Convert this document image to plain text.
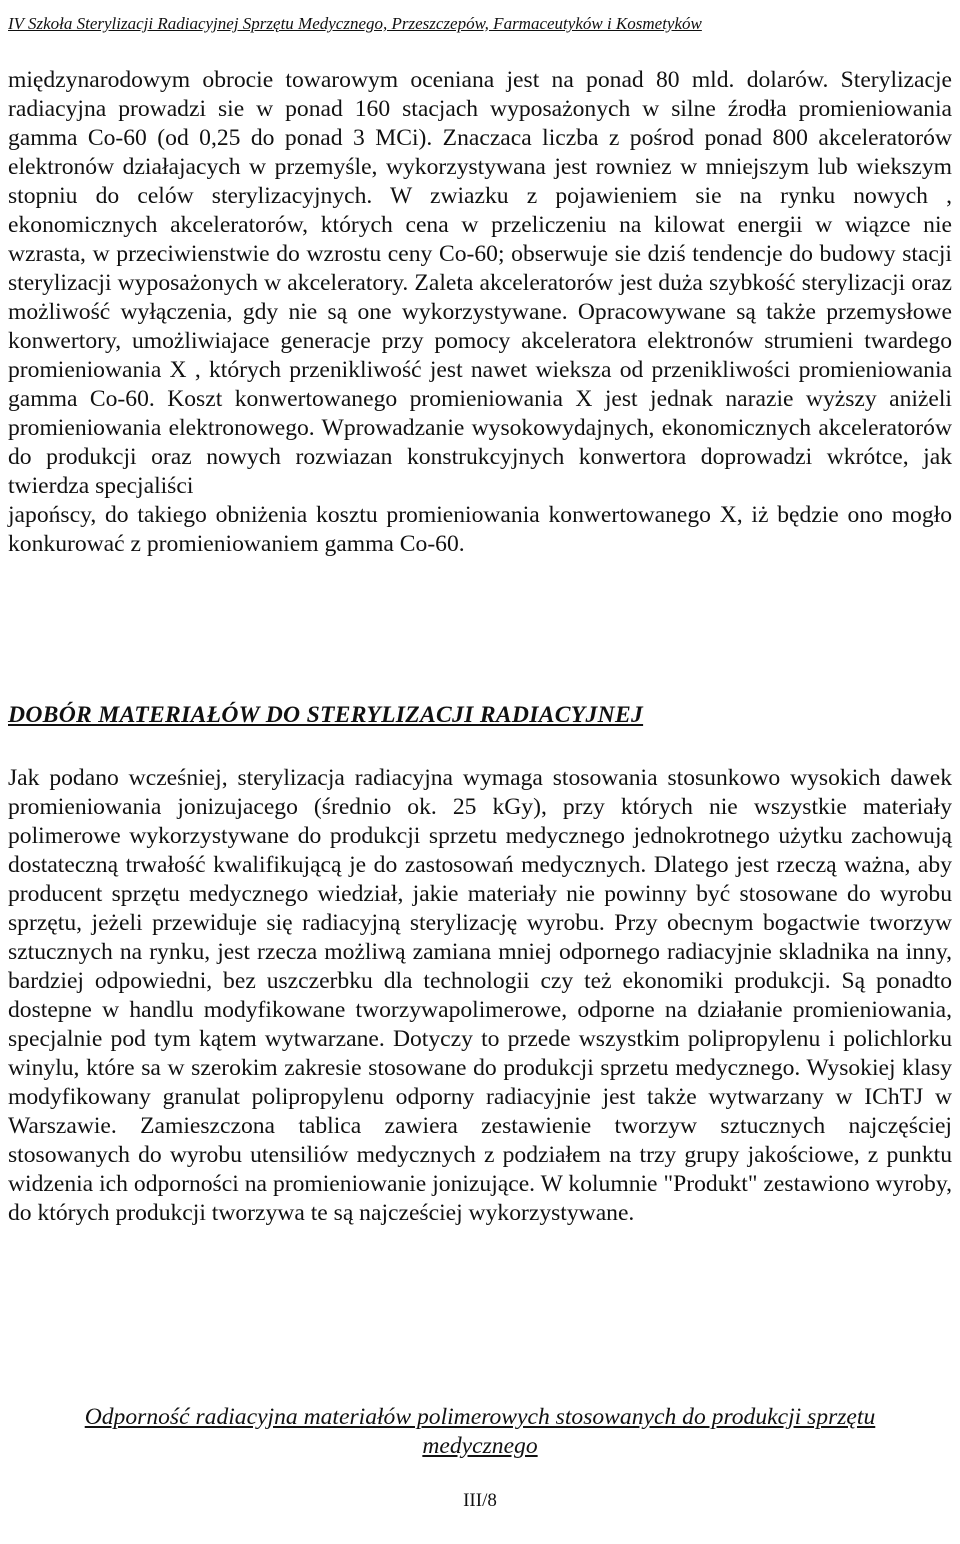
IV Szkoła Sterylizacji Radiacyjnej Sprzętu Medycznego, Przeszczepów, Farmaceutyków i Kosmetyków

międzynarodowym obrocie towarowym oceniana jest na ponad 80 mld. dolarów. Sterylizacje radiacyjna prowadzi sie w ponad 160 stacjach wyposażonych w silne źrodła promieniowania gamma Co-60 (od 0,25 do ponad 3 MCi). Znaczaca liczba z pośrod ponad 800 akceleratorów elektronów działajacych w przemyśle, wykorzystywana jest rowniez w mniejszym lub wiekszym stopniu do celów sterylizacyjnych. W zwiazku z pojawieniem sie na rynku nowych , ekonomicznych akceleratorów, których cena w przeliczeniu na kilowat energii w wiązce nie wzrasta, w przeciwienstwie do wzrostu ceny Co-60; obserwuje sie dziś tendencje do budowy stacji sterylizacji wyposażonych w akceleratory. Zaleta akceleratorów jest duża szybkość sterylizacji oraz możliwość wyłączenia, gdy nie są one wykorzystywane. Opracowywane są także przemysłowe konwertory, umożliwiajace generacje przy pomocy akceleratora elektronów strumieni twardego promieniowania X , których przenikliwość jest nawet wieksza od przenikliwości promieniowania gamma Co-60. Koszt konwertowanego promieniowania X jest jednak narazie wyższy aniżeli promieniowania elektronowego. Wprowadzanie wysokowydajnych, ekonomicznych akceleratorów do produkcji oraz nowych rozwiazan konstrukcyjnych konwertora doprowadzi wkrótce, jak twierdza specjaliści

japońscy, do takiego obniżenia kosztu promieniowania konwertowanego X, iż będzie ono mogło konkurować z promieniowaniem gamma Co-60.

DOBÓR MATERIAŁÓW DO STERYLIZACJI RADIACYJNEJ

Jak podano wcześniej, sterylizacja radiacyjna wymaga stosowania stosunkowo wysokich dawek promieniowania jonizujacego (średnio ok. 25 kGy), przy których nie wszystkie materiały polimerowe wykorzystywane do produkcji sprzetu medycznego jednokrotnego użytku zachowują dostateczną trwałość kwalifikującą je do zastosowań medycznych. Dlatego jest rzeczą ważna, aby producent sprzętu medycznego wiedział, jakie materiały nie powinny być stosowane do wyrobu sprzętu, jeżeli przewiduje się radiacyjną sterylizację wyrobu. Przy obecnym bogactwie tworzyw sztucznych na rynku, jest rzecza możliwą zamiana mniej odpornego radiacyjnie skladnika na inny, bardziej odpowiedni, bez uszczerbku dla technologii czy też ekonomiki produkcji. Są ponadto dostepne w handlu modyfikowane tworzywapolimerowe, odporne na działanie promieniowania, specjalnie pod tym kątem wytwarzane. Dotyczy to przede wszystkim polipropylenu i polichlorku winylu, które sa w szerokim zakresie stosowane do produkcji sprzetu medycznego. Wysokiej klasy modyfikowany granulat polipropylenu odporny radiacyjnie jest także wytwarzany w IChTJ w Warszawie. Zamieszczona tablica zawiera zestawienie tworzyw sztucznych najczęściej stosowanych do wyrobu utensiliów medycznych z podziałem na trzy grupy jakościowe, z punktu widzenia ich odporności na promieniowanie jonizujące. W kolumnie "Produkt" zestawiono wyroby, do których produkcji tworzywa te są najcześciej wykorzystywane.

Odporność radiacyjna materiałów polimerowych stosowanych do produkcji sprzętu medycznego
III/8
